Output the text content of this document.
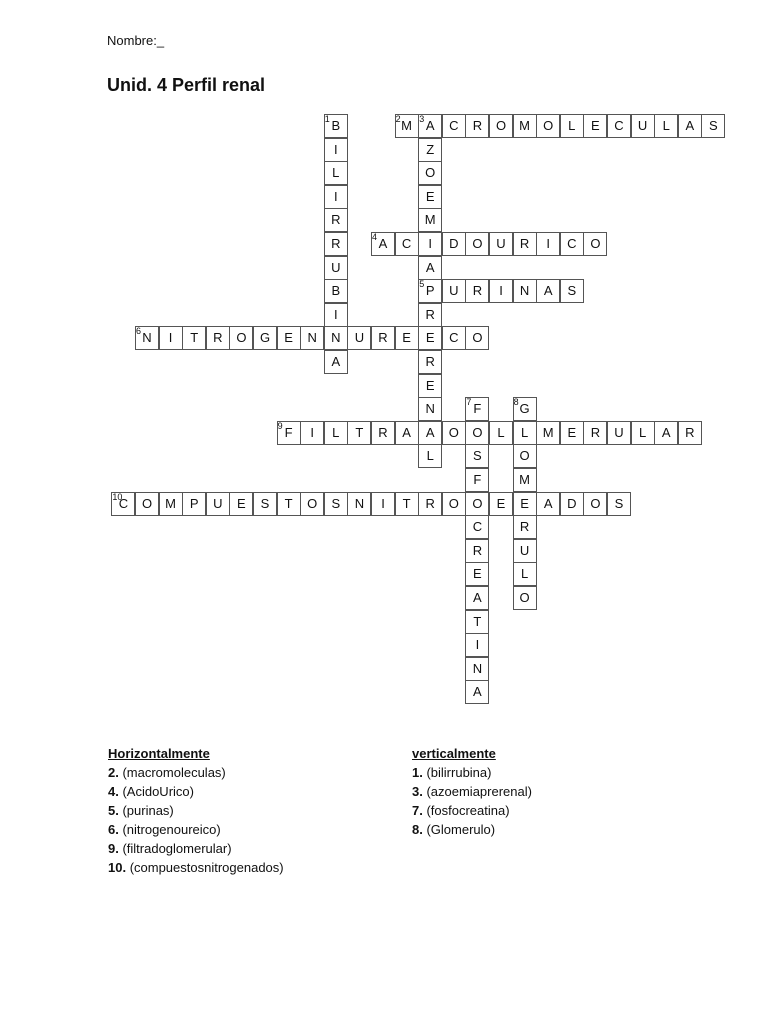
Nombre:_
Unid. 4 Perfil renal
B
I
L
I
R
R
U
B
I
N
A
M	A	C	R	O	M	O	L	E	C	U	L	A	S
Z
O
E
M
I
A
P
R
E
R
E
N
A
L
A	C	D	O	U	R	I	C	O
U	R	I	N	A	S
N	I	T	R	O	G	E	N	U	R	E	C	O
F
O
S
F
O
C
R
E
A
T
I
N
A
G
L
O
M
E
R
U
L
O
F	I	L	T	R	A	O	L	M	E	R	U	L	A	R
C	O	M	P	U	E	S	T	O	S	N	I	T	R	O	E	A	D	O	S
1	2 3
4
5
6
7	8
9
10
Horizontalmente
2. (macromoleculas)
4. (AcidoUrico)
5. (purinas)
6. (nitrogenoureico)
9. (filtradoglomerular)
10. (compuestosnitrogenados)
verticalmente
1. (bilirrubina)
3. (azoemiaprerenal)
7. (fosfocreatina)
8. (Glomerulo)
